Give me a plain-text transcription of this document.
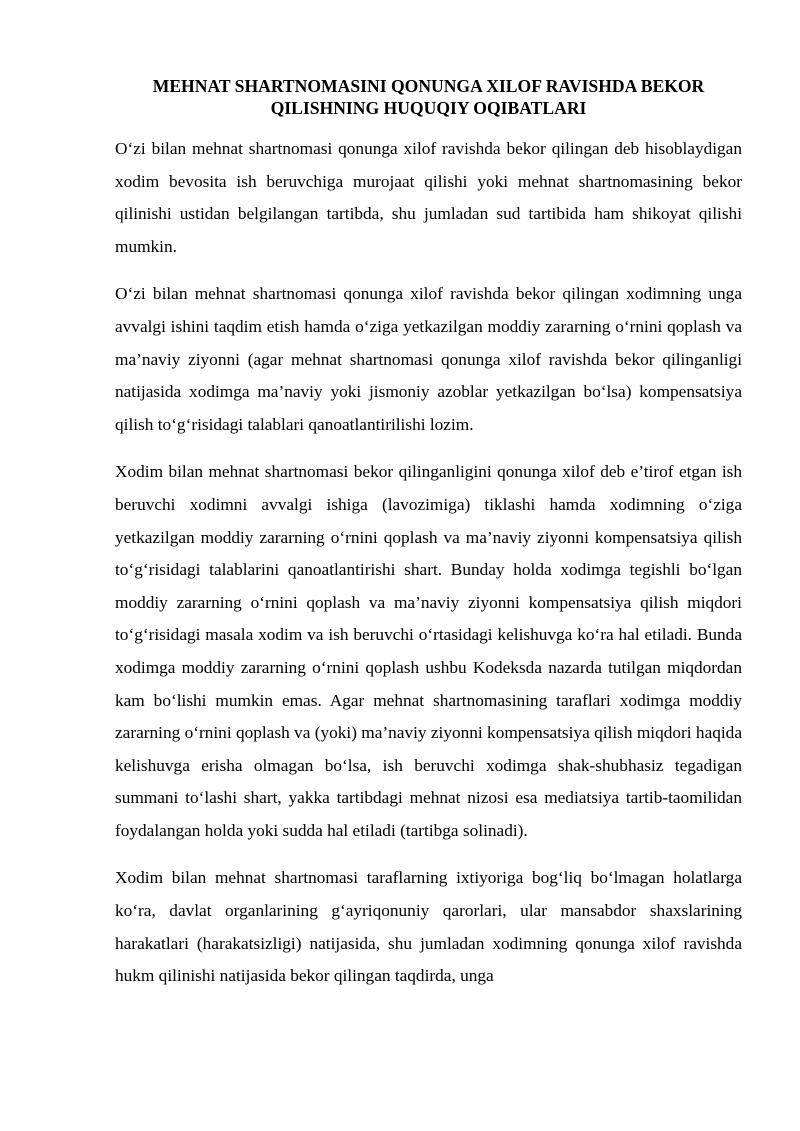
MEHNAT SHARTNOMASINI QONUNGA XILOF RAVISHDA BEKOR
QILISHNING HUQUQIY OQIBATLARI

O‘zi bilan mehnat shartnomasi qonunga xilof ravishda bekor qilingan deb hisoblaydigan xodim bevosita ish beruvchiga murojaat qilishi yoki mehnat shartnomasining bekor qilinishi ustidan belgilangan tartibda, shu jumladan sud tartibida ham shikoyat qilishi mumkin.

O‘zi bilan mehnat shartnomasi qonunga xilof ravishda bekor qilingan xodimning unga avvalgi ishini taqdim etish hamda o‘ziga yetkazilgan moddiy zararning o‘rnini qoplash va ma’naviy ziyonni (agar mehnat shartnomasi qonunga xilof ravishda bekor qilinganligi natijasida xodimga ma’naviy yoki jismoniy azoblar yetkazilgan bo‘lsa) kompensatsiya qilish to‘g‘risidagi talablari qanoatlantirilishi lozim.

Xodim bilan mehnat shartnomasi bekor qilinganligini qonunga xilof deb e’tirof etgan ish beruvchi xodimni avvalgi ishiga (lavozimiga) tiklashi hamda xodimning o‘ziga yetkazilgan moddiy zararning o‘rnini qoplash va ma’naviy ziyonni kompensatsiya qilish to‘g‘risidagi talablarini qanoatlantirishi shart. Bunday holda xodimga tegishli bo‘lgan moddiy zararning o‘rnini qoplash va ma’naviy ziyonni kompensatsiya qilish miqdori to‘g‘risidagi masala xodim va ish beruvchi o‘rtasidagi kelishuvga ko‘ra hal etiladi. Bunda xodimga moddiy zararning o‘rnini qoplash ushbu Kodeksda nazarda tutilgan miqdordan kam bo‘lishi mumkin emas. Agar mehnat shartnomasining taraflari xodimga moddiy zararning o‘rnini qoplash va (yoki) ma’naviy ziyonni kompensatsiya qilish miqdori haqida kelishuvga erisha olmagan bo‘lsa, ish beruvchi xodimga shak-shubhasiz tegadigan summani to‘lashi shart, yakka tartibdagi mehnat nizosi esa mediatsiya tartib-taomilidan foydalangan holda yoki sudda hal etiladi (tartibga solinadi).

Xodim bilan mehnat shartnomasi taraflarning ixtiyoriga bog‘liq bo‘lmagan holatlarga ko‘ra, davlat organlarining g‘ayriqonuniy qarorlari, ular mansabdor shaxslarining harakatlari (harakatsizligi) natijasida, shu jumladan xodimning qonunga xilof ravishda hukm qilinishi natijasida bekor qilingan taqdirda, unga
